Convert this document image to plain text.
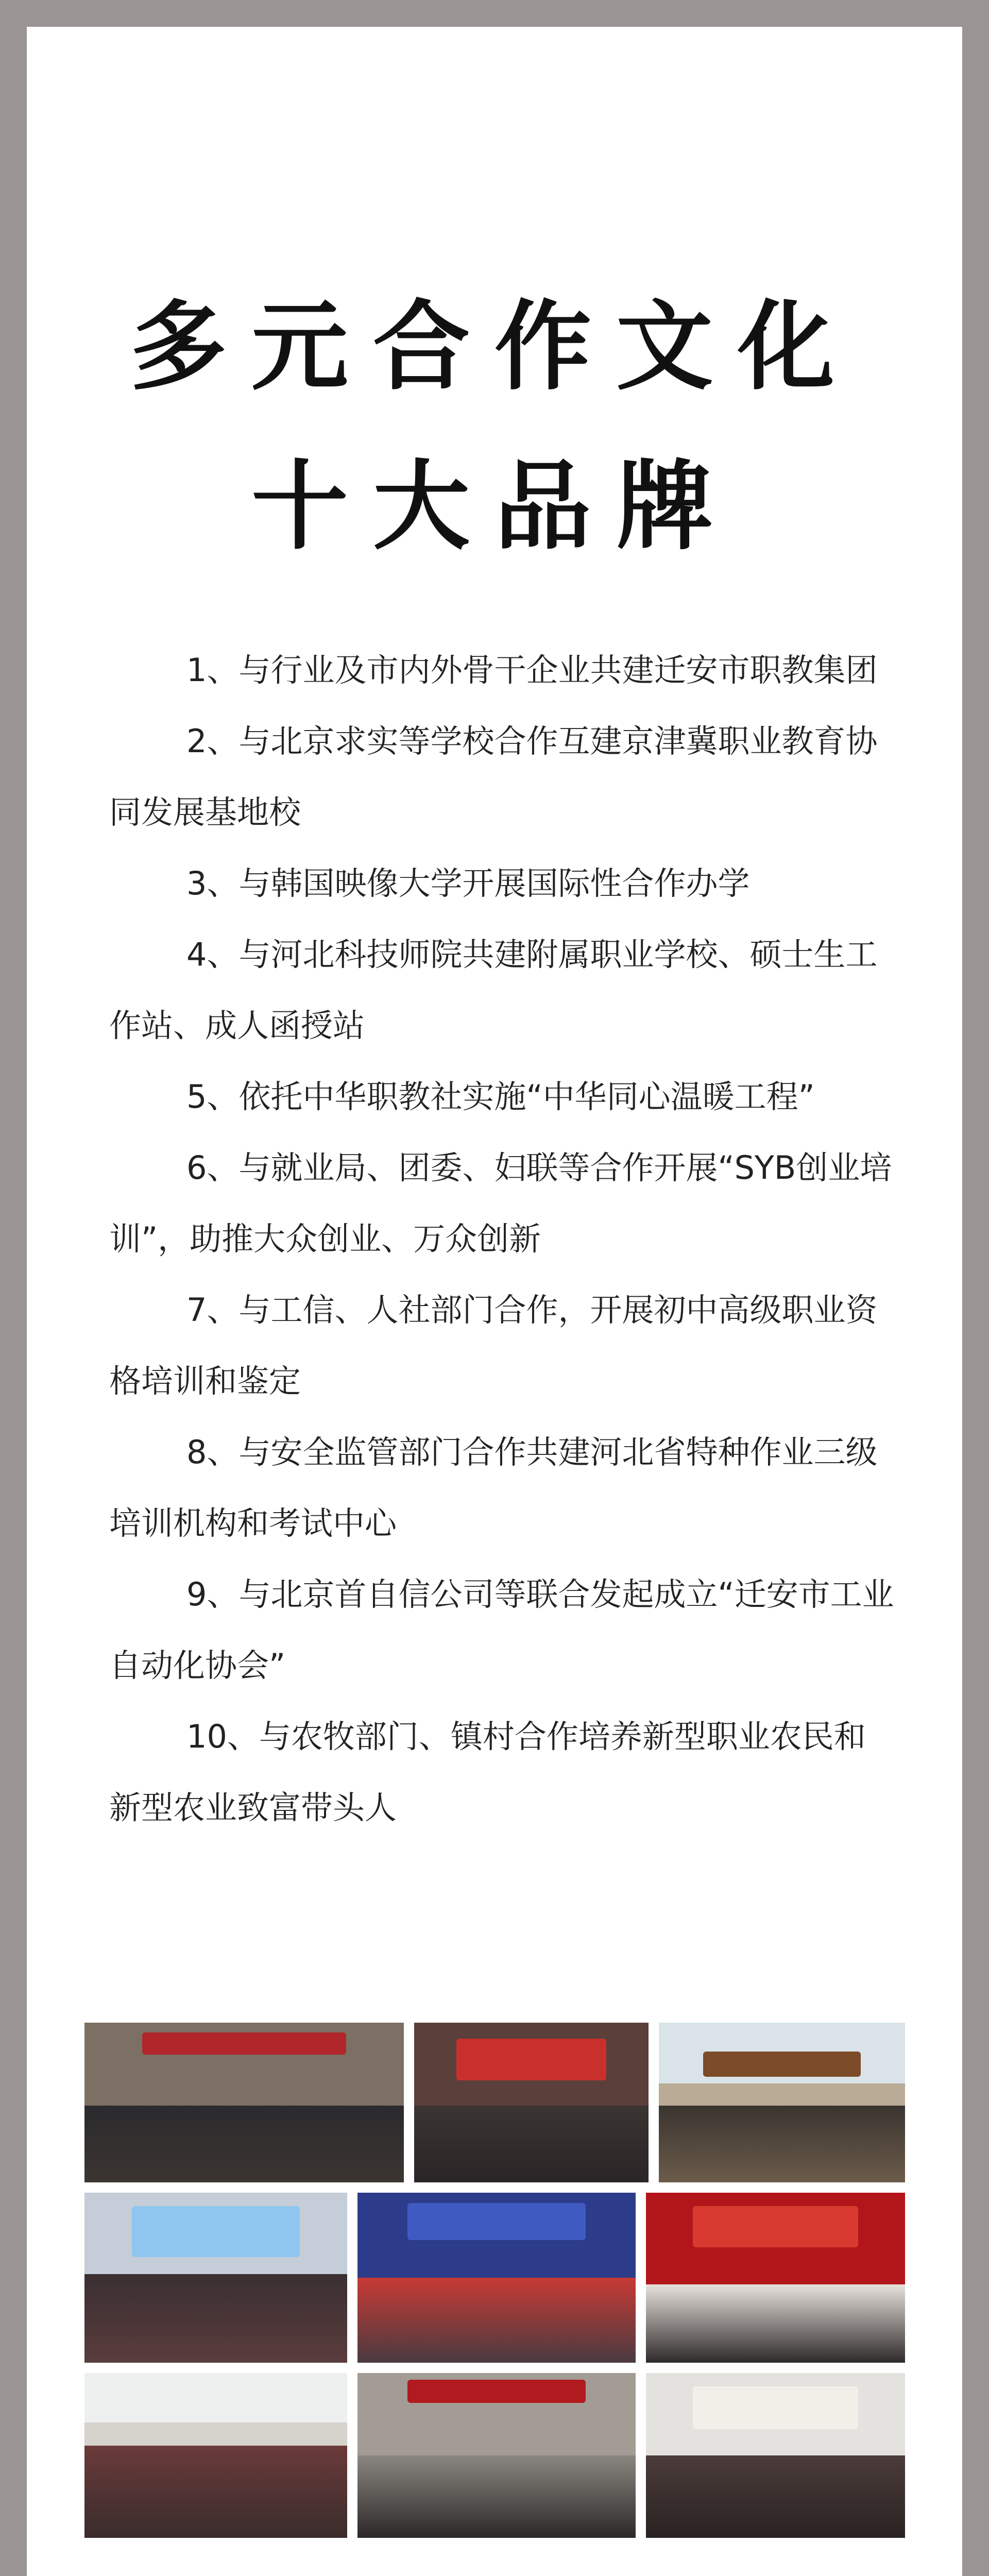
多元合作文化
十大品牌

1、与行业及市内外骨干企业共建迁安市职教集团

2、与北京求实等学校合作互建京津冀职业教育协同发展基地校

3、与韩国映像大学开展国际性合作办学

4、与河北科技师院共建附属职业学校、硕士生工作站、成人函授站

5、依托中华职教社实施“中华同心温暖工程”

6、与就业局、团委、妇联等合作开展“SYB创业培训”，助推大众创业、万众创新

7、与工信、人社部门合作，开展初中高级职业资格培训和鉴定

8、与安全监管部门合作共建河北省特种作业三级培训机构和考试中心

9、与北京首自信公司等联合发起成立“迁安市工业自动化协会”

10、与农牧部门、镇村合作培养新型职业农民和新型农业致富带头人
